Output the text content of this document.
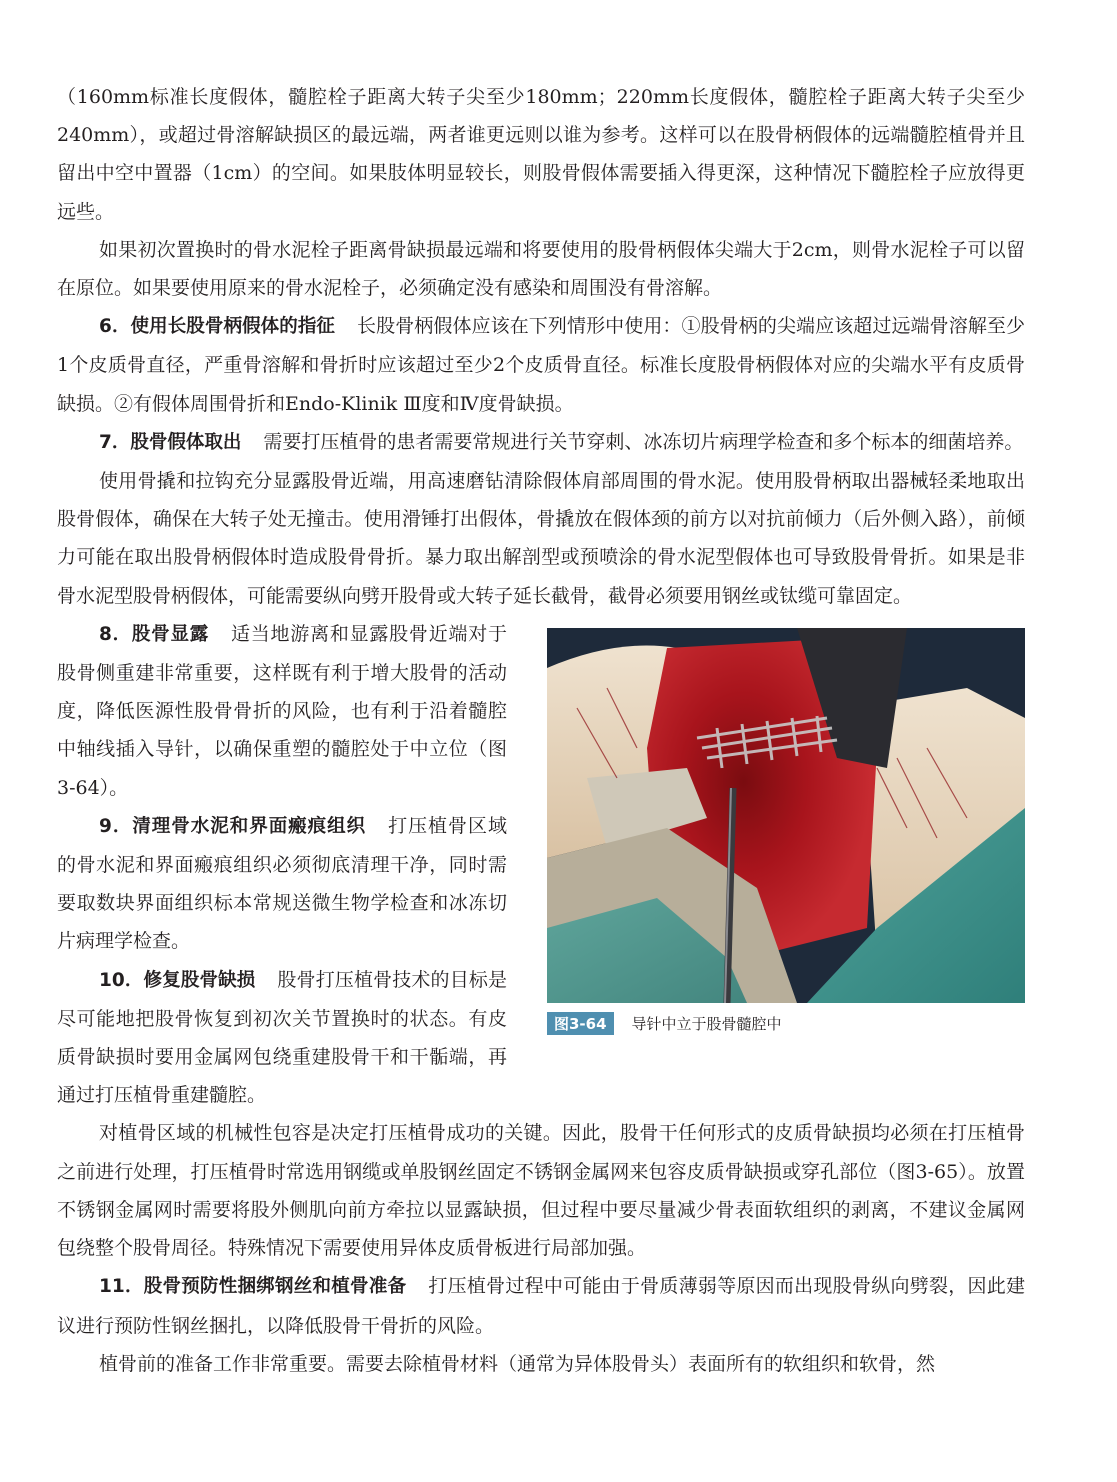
（160mm标准长度假体，髓腔栓子距离大转子尖至少180mm；220mm长度假体，髓腔栓子距离大转子尖至少240mm），或超过骨溶解缺损区的最远端，两者谁更远则以谁为参考。这样可以在股骨柄假体的远端髓腔植骨并且留出中空中置器（1cm）的空间。如果肢体明显较长，则股骨假体需要插入得更深，这种情况下髓腔栓子应放得更远些。

如果初次置换时的骨水泥栓子距离骨缺损最远端和将要使用的股骨柄假体尖端大于2cm，则骨水泥栓子可以留在原位。如果要使用原来的骨水泥栓子，必须确定没有感染和周围没有骨溶解。

6．使用长股骨柄假体的指征 长股骨柄假体应该在下列情形中使用：①股骨柄的尖端应该超过远端骨溶解至少1个皮质骨直径，严重骨溶解和骨折时应该超过至少2个皮质骨直径。标准长度股骨柄假体对应的尖端水平有皮质骨缺损。②有假体周围骨折和Endo-Klinik Ⅲ度和Ⅳ度骨缺损。

7．股骨假体取出 需要打压植骨的患者需要常规进行关节穿刺、冰冻切片病理学检查和多个标本的细菌培养。

使用骨撬和拉钩充分显露股骨近端，用高速磨钻清除假体肩部周围的骨水泥。使用股骨柄取出器械轻柔地取出股骨假体，确保在大转子处无撞击。使用滑锤打出假体，骨撬放在假体颈的前方以对抗前倾力（后外侧入路），前倾力可能在取出股骨柄假体时造成股骨骨折。暴力取出解剖型或预喷涂的骨水泥型假体也可导致股骨骨折。如果是非骨水泥型股骨柄假体，可能需要纵向劈开股骨或大转子延长截骨，截骨必须要用钢丝或钛缆可靠固定。

8．股骨显露 适当地游离和显露股骨近端对于股骨侧重建非常重要，这样既有利于增大股骨的活动度，降低医源性股骨骨折的风险，也有利于沿着髓腔中轴线插入导针，以确保重塑的髓腔处于中立位（图3-64）。

9．清理骨水泥和界面瘢痕组织 打压植骨区域的骨水泥和界面瘢痕组织必须彻底清理干净，同时需要取数块界面组织标本常规送微生物学检查和冰冻切片病理学检查。

10．修复股骨缺损 股骨打压植骨技术的目标是尽可能地把股骨恢复到初次关节置换时的状态。有皮质骨缺损时要用金属网包绕重建股骨干和干骺端，再通过打压植骨重建髓腔。

图3-64	导针中立于股骨髓腔中

对植骨区域的机械性包容是决定打压植骨成功的关键。因此，股骨干任何形式的皮质骨缺损均必须在打压植骨之前进行处理，打压植骨时常选用钢缆或单股钢丝固定不锈钢金属网来包容皮质骨缺损或穿孔部位（图3-65）。放置不锈钢金属网时需要将股外侧肌向前方牵拉以显露缺损，但过程中要尽量减少骨表面软组织的剥离，不建议金属网包绕整个股骨周径。特殊情况下需要使用异体皮质骨板进行局部加强。

11．股骨预防性捆绑钢丝和植骨准备 打压植骨过程中可能由于骨质薄弱等原因而出现股骨纵向劈裂，因此建议进行预防性钢丝捆扎，以降低股骨干骨折的风险。

植骨前的准备工作非常重要。需要去除植骨材料（通常为异体股骨头）表面所有的软组织和软骨，然
